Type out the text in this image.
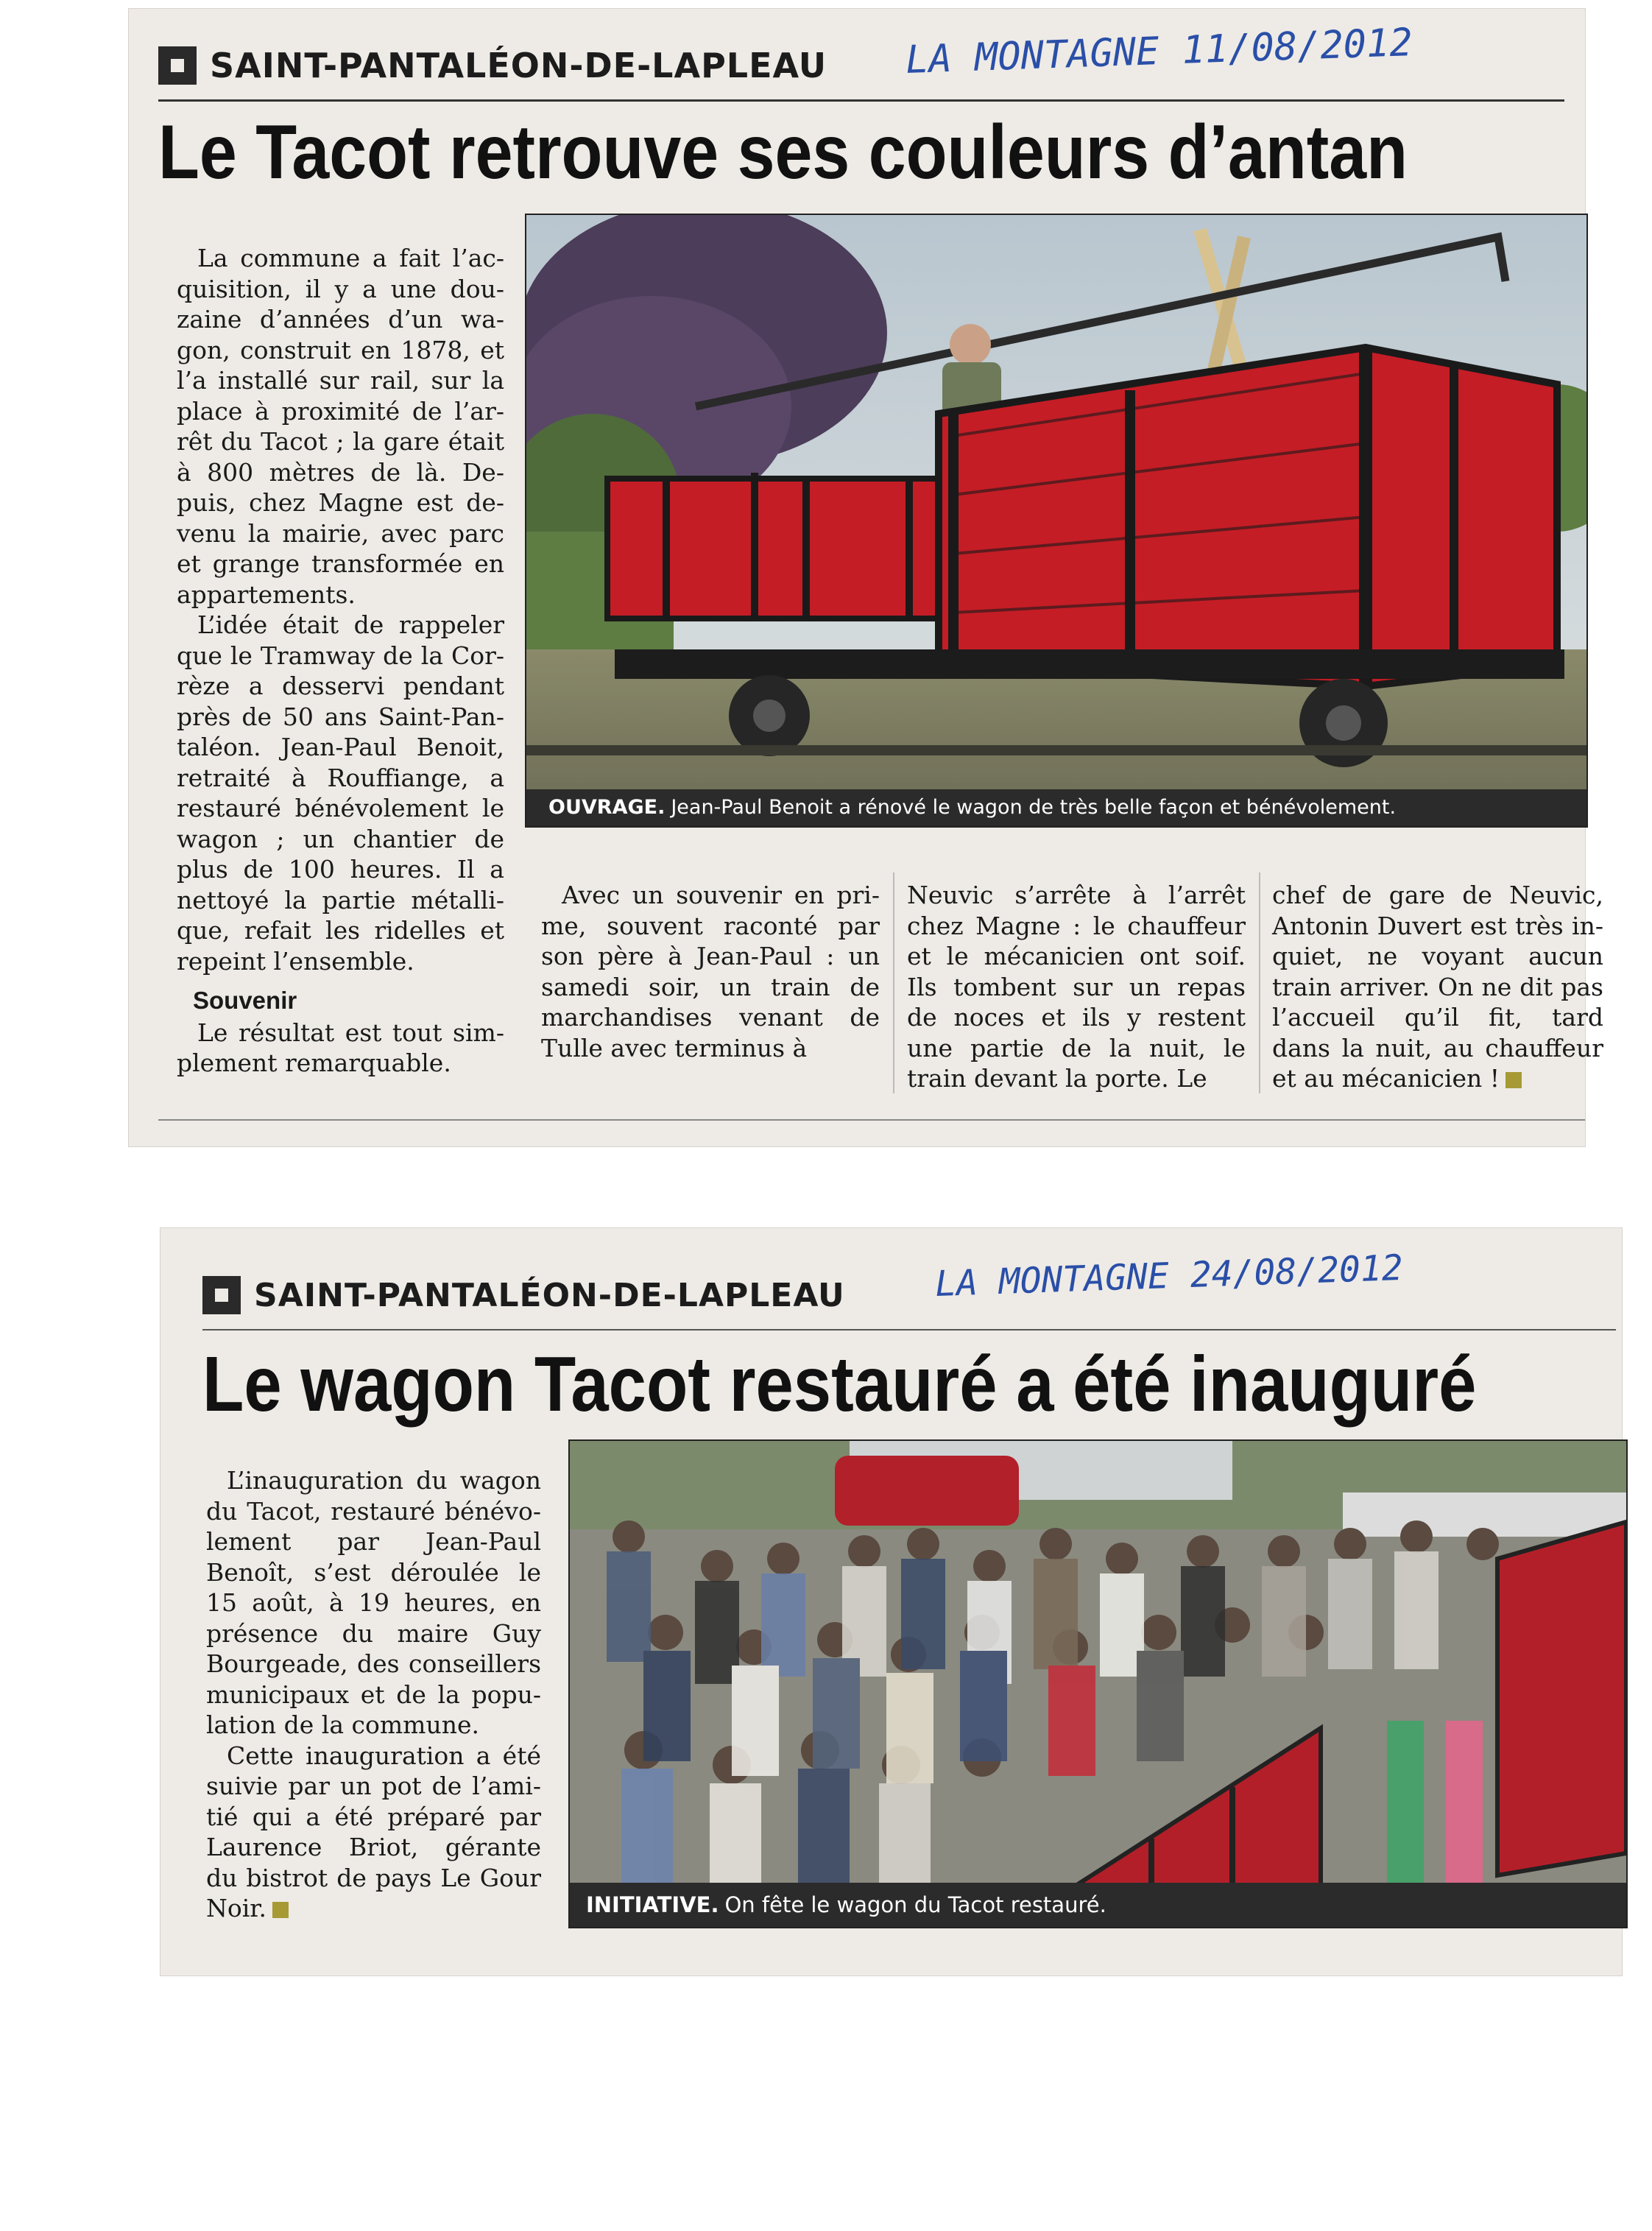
SAINT-PANTALÉON-DE-LAPLEAU LA MONTAGNE 11/08/2012
Le Tacot retrouve ses couleurs d’antan

La commune a fait l’ac-quisition, il y a une dou-zaine d’années d’un wa-gon, construit en 1878, et l’a installé sur rail, sur la place à proximité de l’ar-rêt du Tacot ; la gare était à 800 mètres de là. De-puis, chez Magne est de-venu la mairie, avec parc et grange transformée en appartements.

L’idée était de rappeler que le Tramway de la Cor-rèze a desservi pendant près de 50 ans Saint-Pan-taléon. Jean-Paul Benoit, retraité à Rouffiange, a restauré bénévolement le wagon ; un chantier de plus de 100 heures. Il a nettoyé la partie métalli-que, refait les ridelles et repeint l’ensemble.

Souvenir

Le résultat est tout sim-plement remarquable.

OUVRAGE. Jean-Paul Benoit a rénové le wagon de très belle façon et bénévolement.

Avec un souvenir en pri-me, souvent raconté par son père à Jean-Paul : un samedi soir, un train de marchandises venant de Tulle avec terminus à

Neuvic s’arrête à l’arrêt chez Magne : le chauffeur et le mécanicien ont soif. Ils tombent sur un repas de noces et ils y restent une partie de la nuit, le train devant la porte. Le

chef de gare de Neuvic, Antonin Duvert est très in-quiet, ne voyant aucun train arriver. On ne dit pas l’accueil qu’il fit, tard dans la nuit, au chauffeur et au mécanicien !

SAINT-PANTALÉON-DE-LAPLEAU	LA MONTAGNE 24/08/2012
Le wagon Tacot restauré a été inauguré

L’inauguration du wagon du Tacot, restauré bénévo-lement par Jean-Paul Benoît, s’est déroulée le 15 août, à 19 heures, en présence du maire Guy Bourgeade, des conseillers municipaux et de la popu-lation de la commune.

Cette inauguration a été suivie par un pot de l’ami-tié qui a été préparé par Laurence Briot, gérante du bistrot de pays Le Gour Noir.	INITIATIVE. On fête le wagon du Tacot restauré.
